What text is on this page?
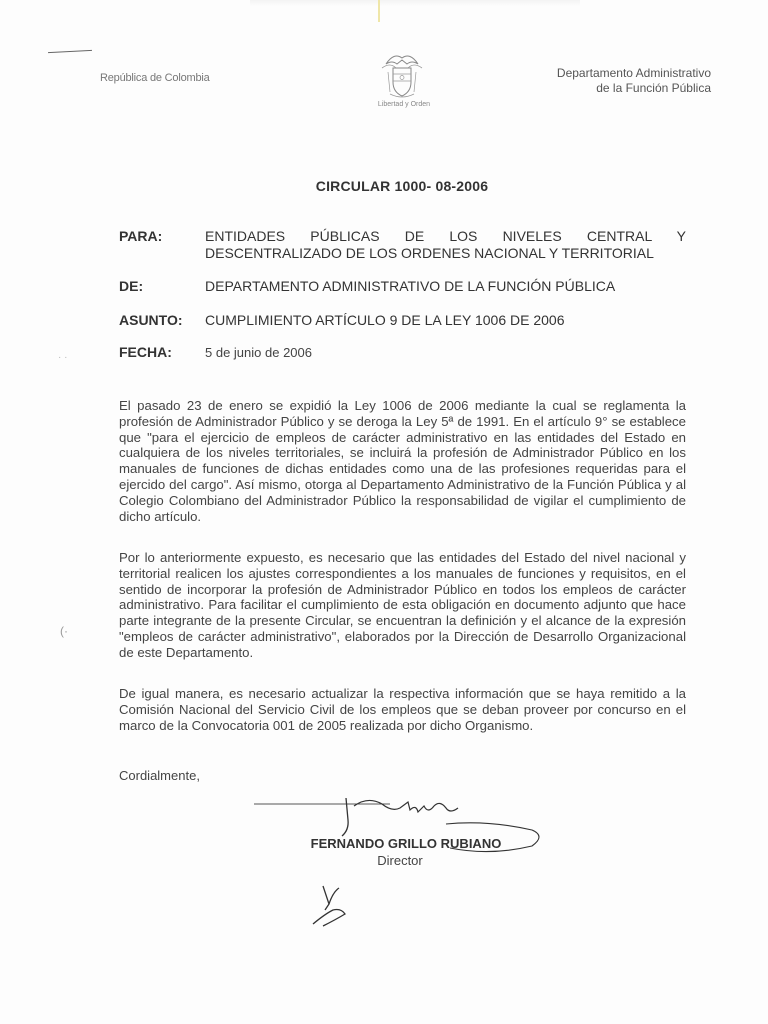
República de Colombia
Libertad y Orden
Departamento Administrativo
de la Función Pública
CIRCULAR 1000- 08-2006
PARA:	ENTIDADES PÚBLICAS DE LOS NIVELES CENTRAL Y
DESCENTRALIZADO DE LOS ORDENES NACIONAL Y TERRITORIAL
DE:	DEPARTAMENTO ADMINISTRATIVO DE LA FUNCIÓN PÚBLICA
ASUNTO: CUMPLIMIENTO ARTÍCULO 9 DE LA LEY 1006 DE 2006
FECHA:	5 de junio de 2006
· ·
El pasado 23 de enero se expidió la Ley 1006 de 2006 mediante la cual se reglamenta la profesión de Administrador Público y se deroga la Ley 5ª de 1991. En el artículo 9° se establece que "para el ejercicio de empleos de carácter administrativo en las entidades del Estado en cualquiera de los niveles territoriales, se incluirá la profesión de Administrador Público en los manuales de funciones de dichas entidades como una de las profesiones requeridas para el ejercido del cargo". Así mismo, otorga al Departamento Administrativo de la Función Pública y al Colegio Colombiano del Administrador Público la responsabilidad de vigilar el cumplimiento de dicho artículo.
Por lo anteriormente expuesto, es necesario que las entidades del Estado del nivel nacional y territorial realicen los ajustes correspondientes a los manuales de funciones y requisitos, en el sentido de incorporar la profesión de Administrador Público en todos los empleos de carácter administrativo. Para facilitar el cumplimiento de esta obligación en documento adjunto que hace parte integrante de la presente Circular, se encuentran la definición y el alcance de la expresión "empleos de carácter administrativo", elaborados por la Dirección de Desarrollo Organizacional de este Departamento.
(·
De igual manera, es necesario actualizar la respectiva información que se haya remitido a la Comisión Nacional del Servicio Civil de los empleos que se deban proveer por concurso en el marco de la Convocatoria 001 de 2005 realizada por dicho Organismo.
Cordialmente,
FERNANDO GRILLO RUBIANO
Director
